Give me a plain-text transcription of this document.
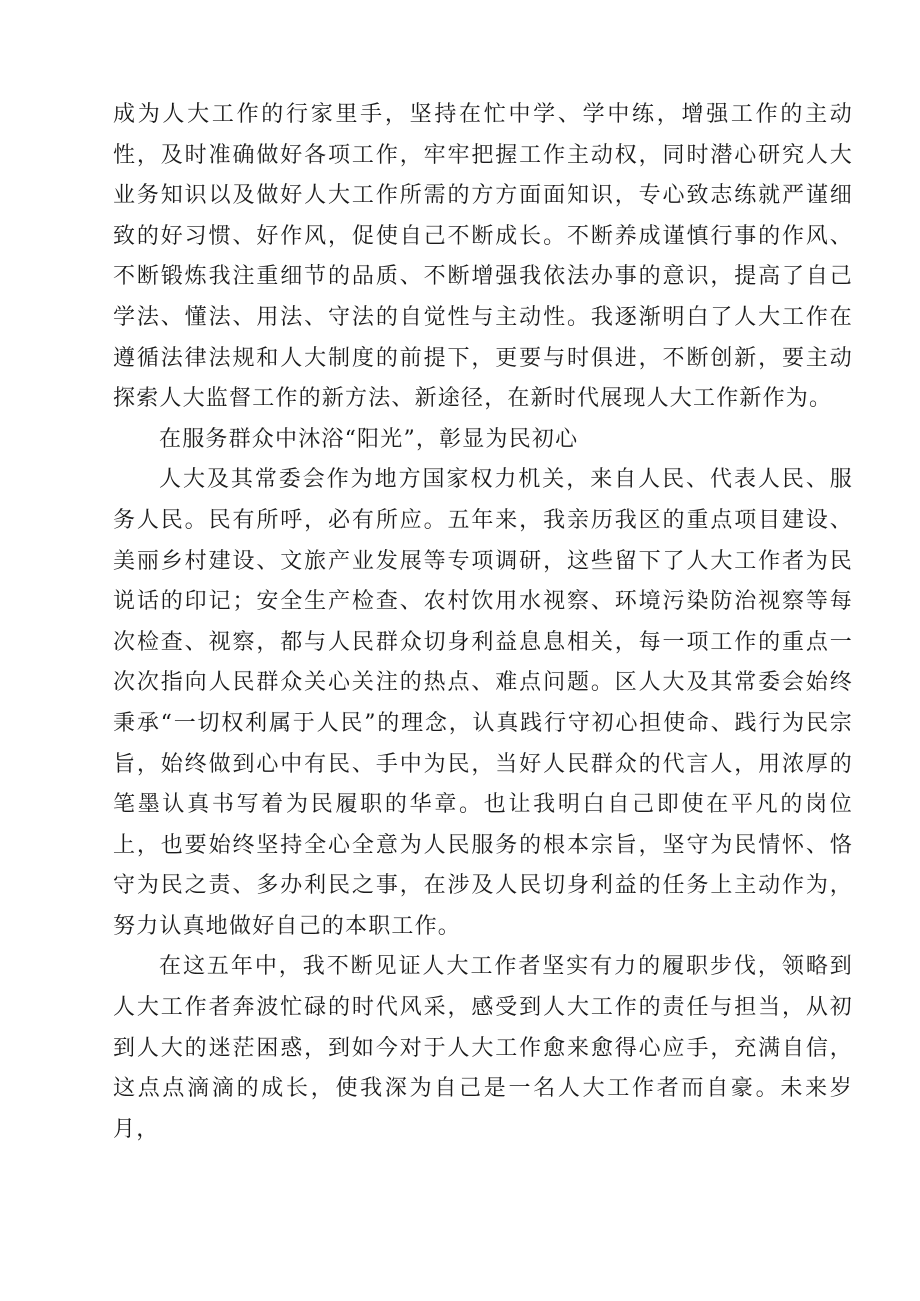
成为人大工作的行家里手，坚持在忙中学、学中练，增强工作的主动性，及时准确做好各项工作，牢牢把握工作主动权，同时潜心研究人大业务知识以及做好人大工作所需的方方面面知识，专心致志练就严谨细致的好习惯、好作风，促使自己不断成长。不断养成谨慎行事的作风、不断锻炼我注重细节的品质、不断增强我依法办事的意识，提高了自己学法、懂法、用法、守法的自觉性与主动性。我逐渐明白了人大工作在遵循法律法规和人大制度的前提下，更要与时俱进，不断创新，要主动探索人大监督工作的新方法、新途径，在新时代展现人大工作新作为。

在服务群众中沐浴“阳光”，彰显为民初心

人大及其常委会作为地方国家权力机关，来自人民、代表人民、服务人民。民有所呼，必有所应。五年来，我亲历我区的重点项目建设、美丽乡村建设、文旅产业发展等专项调研，这些留下了人大工作者为民说话的印记；安全生产检查、农村饮用水视察、环境污染防治视察等每次检查、视察，都与人民群众切身利益息息相关，每一项工作的重点一次次指向人民群众关心关注的热点、难点问题。区人大及其常委会始终秉承“一切权利属于人民”的理念，认真践行守初心担使命、践行为民宗旨，始终做到心中有民、手中为民，当好人民群众的代言人，用浓厚的笔墨认真书写着为民履职的华章。也让我明白自己即使在平凡的岗位上，也要始终坚持全心全意为人民服务的根本宗旨，坚守为民情怀、恪守为民之责、多办利民之事，在涉及人民切身利益的任务上主动作为，努力认真地做好自己的本职工作。

在这五年中，我不断见证人大工作者坚实有力的履职步伐，领略到人大工作者奔波忙碌的时代风采，感受到人大工作的责任与担当，从初到人大的迷茫困惑，到如今对于人大工作愈来愈得心应手，充满自信，这点点滴滴的成长，使我深为自己是一名人大工作者而自豪。未来岁月，
